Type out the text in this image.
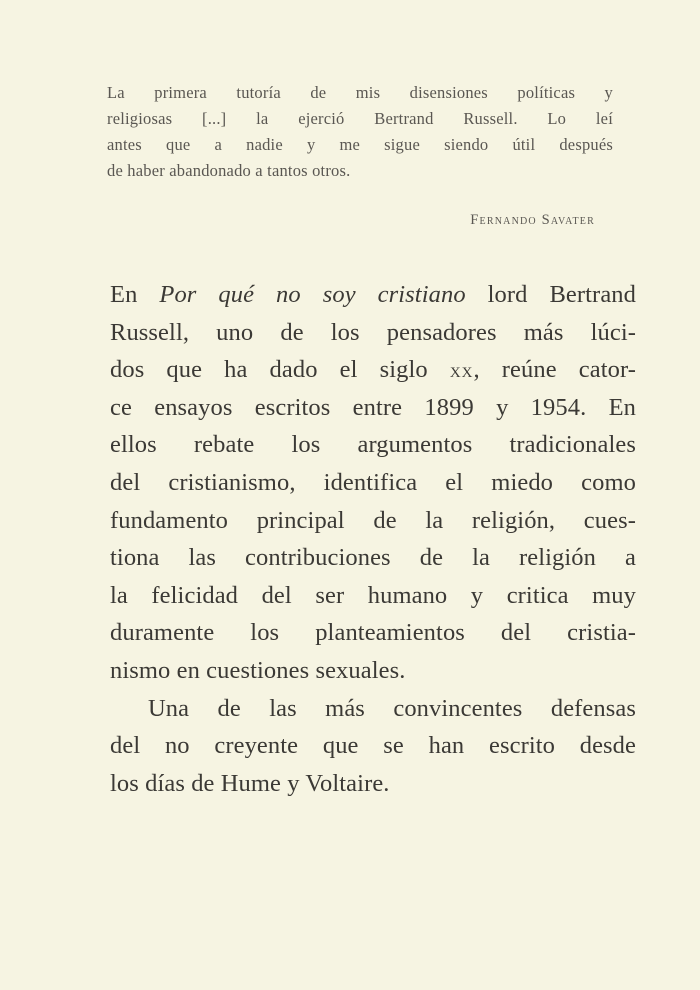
La primera tutoría de mis disensiones políticas y
religiosas [...] la ejerció Bertrand Russell. Lo leí
antes que a nadie y me sigue siendo útil después
de haber abandonado a tantos otros.
Fernando Savater
En Por qué no soy cristiano lord Bertrand
Russell, uno de los pensadores más lúci-
dos que ha dado el siglo xx, reúne cator-
ce ensayos escritos entre 1899 y 1954. En
ellos rebate los argumentos tradicionales
del cristianismo, identifica el miedo como
fundamento principal de la religión, cues-
tiona las contribuciones de la religión a
la felicidad del ser humano y critica muy
duramente los planteamientos del cristia-
nismo en cuestiones sexuales.
Una de las más convincentes defensas
del no creyente que se han escrito desde
los días de Hume y Voltaire.
